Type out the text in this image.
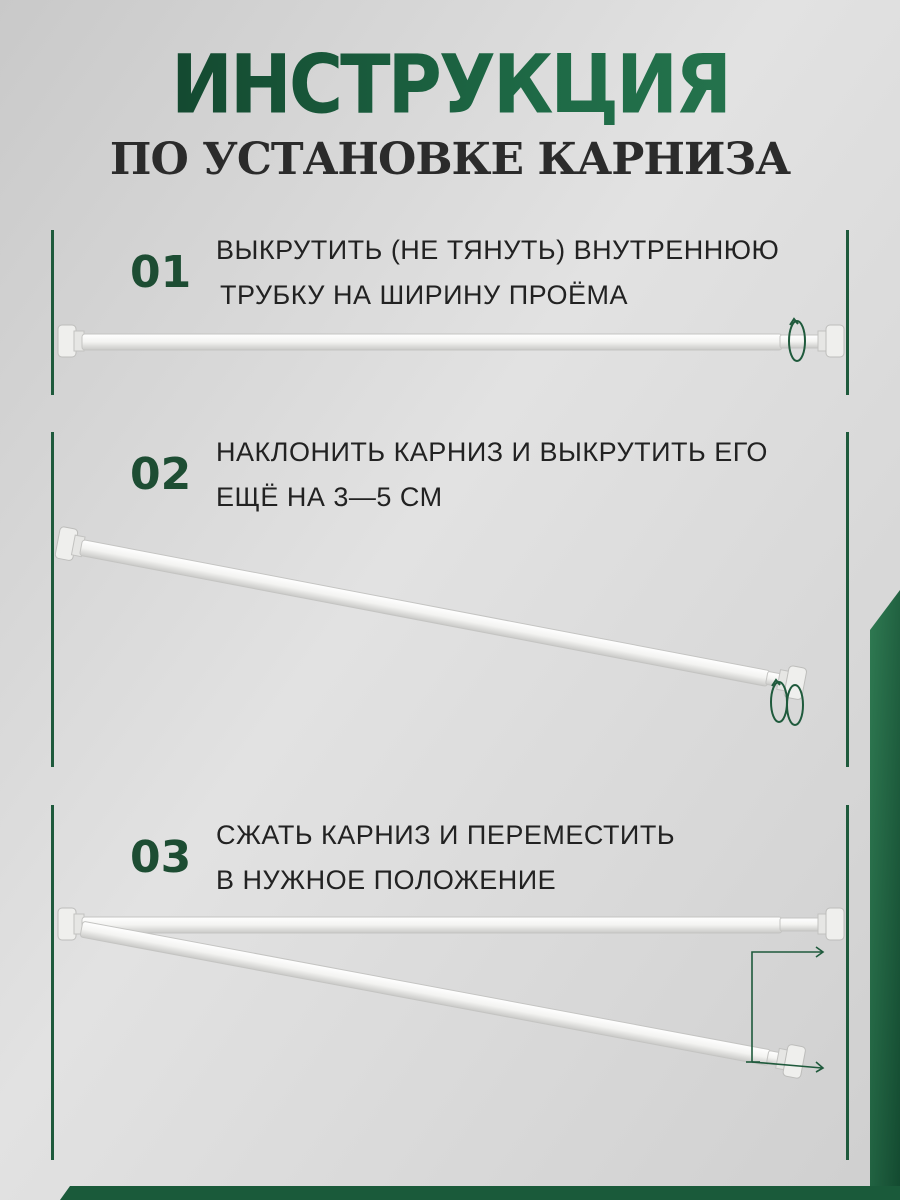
ИНСТРУКЦИЯ
ПО УСТАНОВКЕ КАРНИЗА
01 ВЫКРУТИТЬ (НЕ ТЯНУТЬ) ВНУТРЕННЮЮ
ТРУБКУ НА ШИРИНУ ПРОЁМА
02 НАКЛОНИТЬ КАРНИЗ И ВЫКРУТИТЬ ЕГО
ЕЩЁ НА 3—5 СМ
03 СЖАТЬ КАРНИЗ И ПЕРЕМЕСТИТЬ
В НУЖНОЕ ПОЛОЖЕНИЕ
